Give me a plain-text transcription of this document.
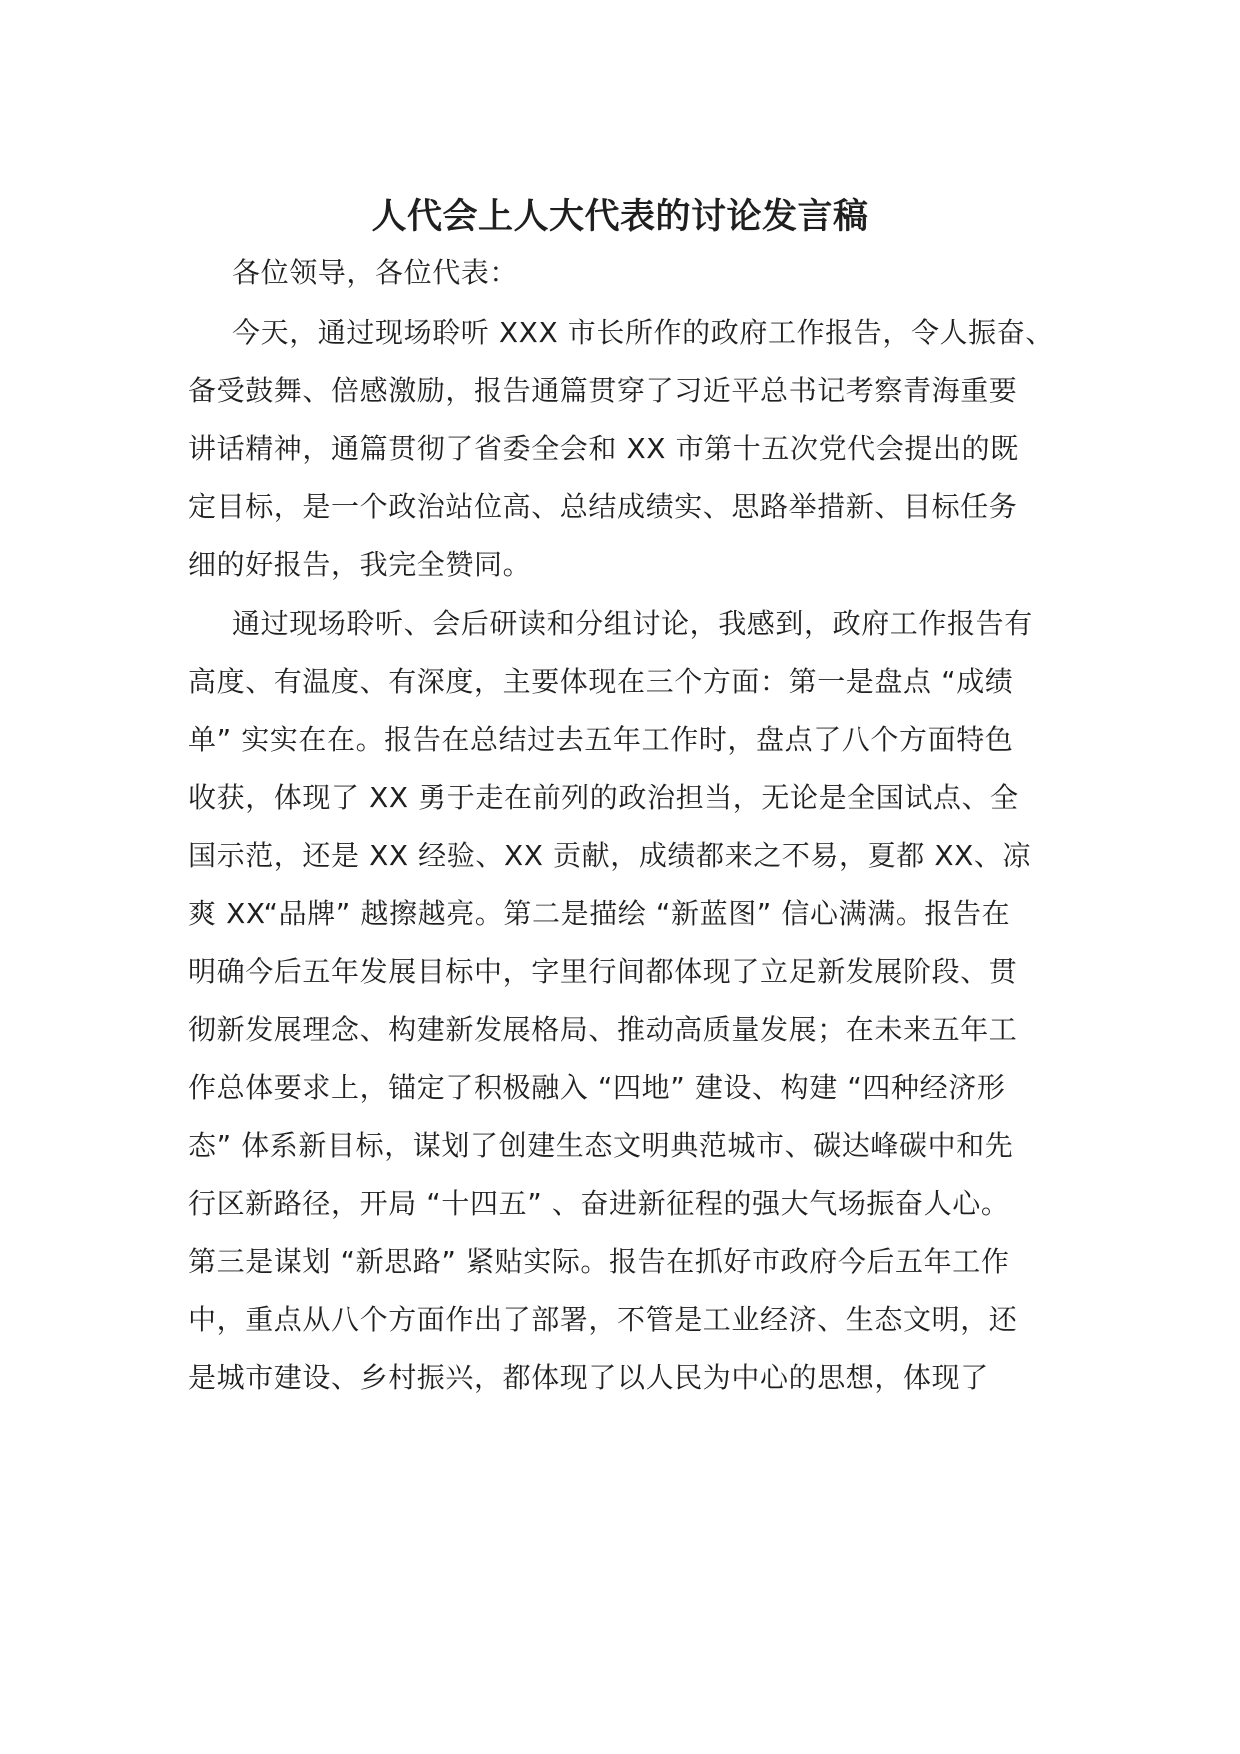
人代会上人大代表的讨论发言稿
各位领导，各位代表：
今天，通过现场聆听 XXX 市长所作的政府工作报告，令人振奋、
备受鼓舞、倍感激励，报告通篇贯穿了习近平总书记考察青海重要
讲话精神，通篇贯彻了省委全会和 XX 市第十五次党代会提出的既
定目标，是一个政治站位高、总结成绩实、思路举措新、目标任务
细的好报告，我完全赞同。
通过现场聆听、会后研读和分组讨论，我感到，政府工作报告有
高度、有温度、有深度，主要体现在三个方面：第一是盘点 “成绩
单” 实实在在。报告在总结过去五年工作时，盘点了八个方面特色
收获，体现了 XX 勇于走在前列的政治担当，无论是全国试点、全
国示范，还是 XX 经验、XX 贡献，成绩都来之不易，夏都 XX、凉
爽 XX“品牌” 越擦越亮。第二是描绘 “新蓝图” 信心满满。报告在
明确今后五年发展目标中，字里行间都体现了立足新发展阶段、贯
彻新发展理念、构建新发展格局、推动高质量发展；在未来五年工
作总体要求上，锚定了积极融入 “四地” 建设、构建 “四种经济形
态” 体系新目标，谋划了创建生态文明典范城市、碳达峰碳中和先
行区新路径，开局 “十四五” 、奋进新征程的强大气场振奋人心。
第三是谋划 “新思路” 紧贴实际。报告在抓好市政府今后五年工作
中，重点从八个方面作出了部署，不管是工业经济、生态文明，还
是城市建设、乡村振兴，都体现了以人民为中心的思想，体现了
